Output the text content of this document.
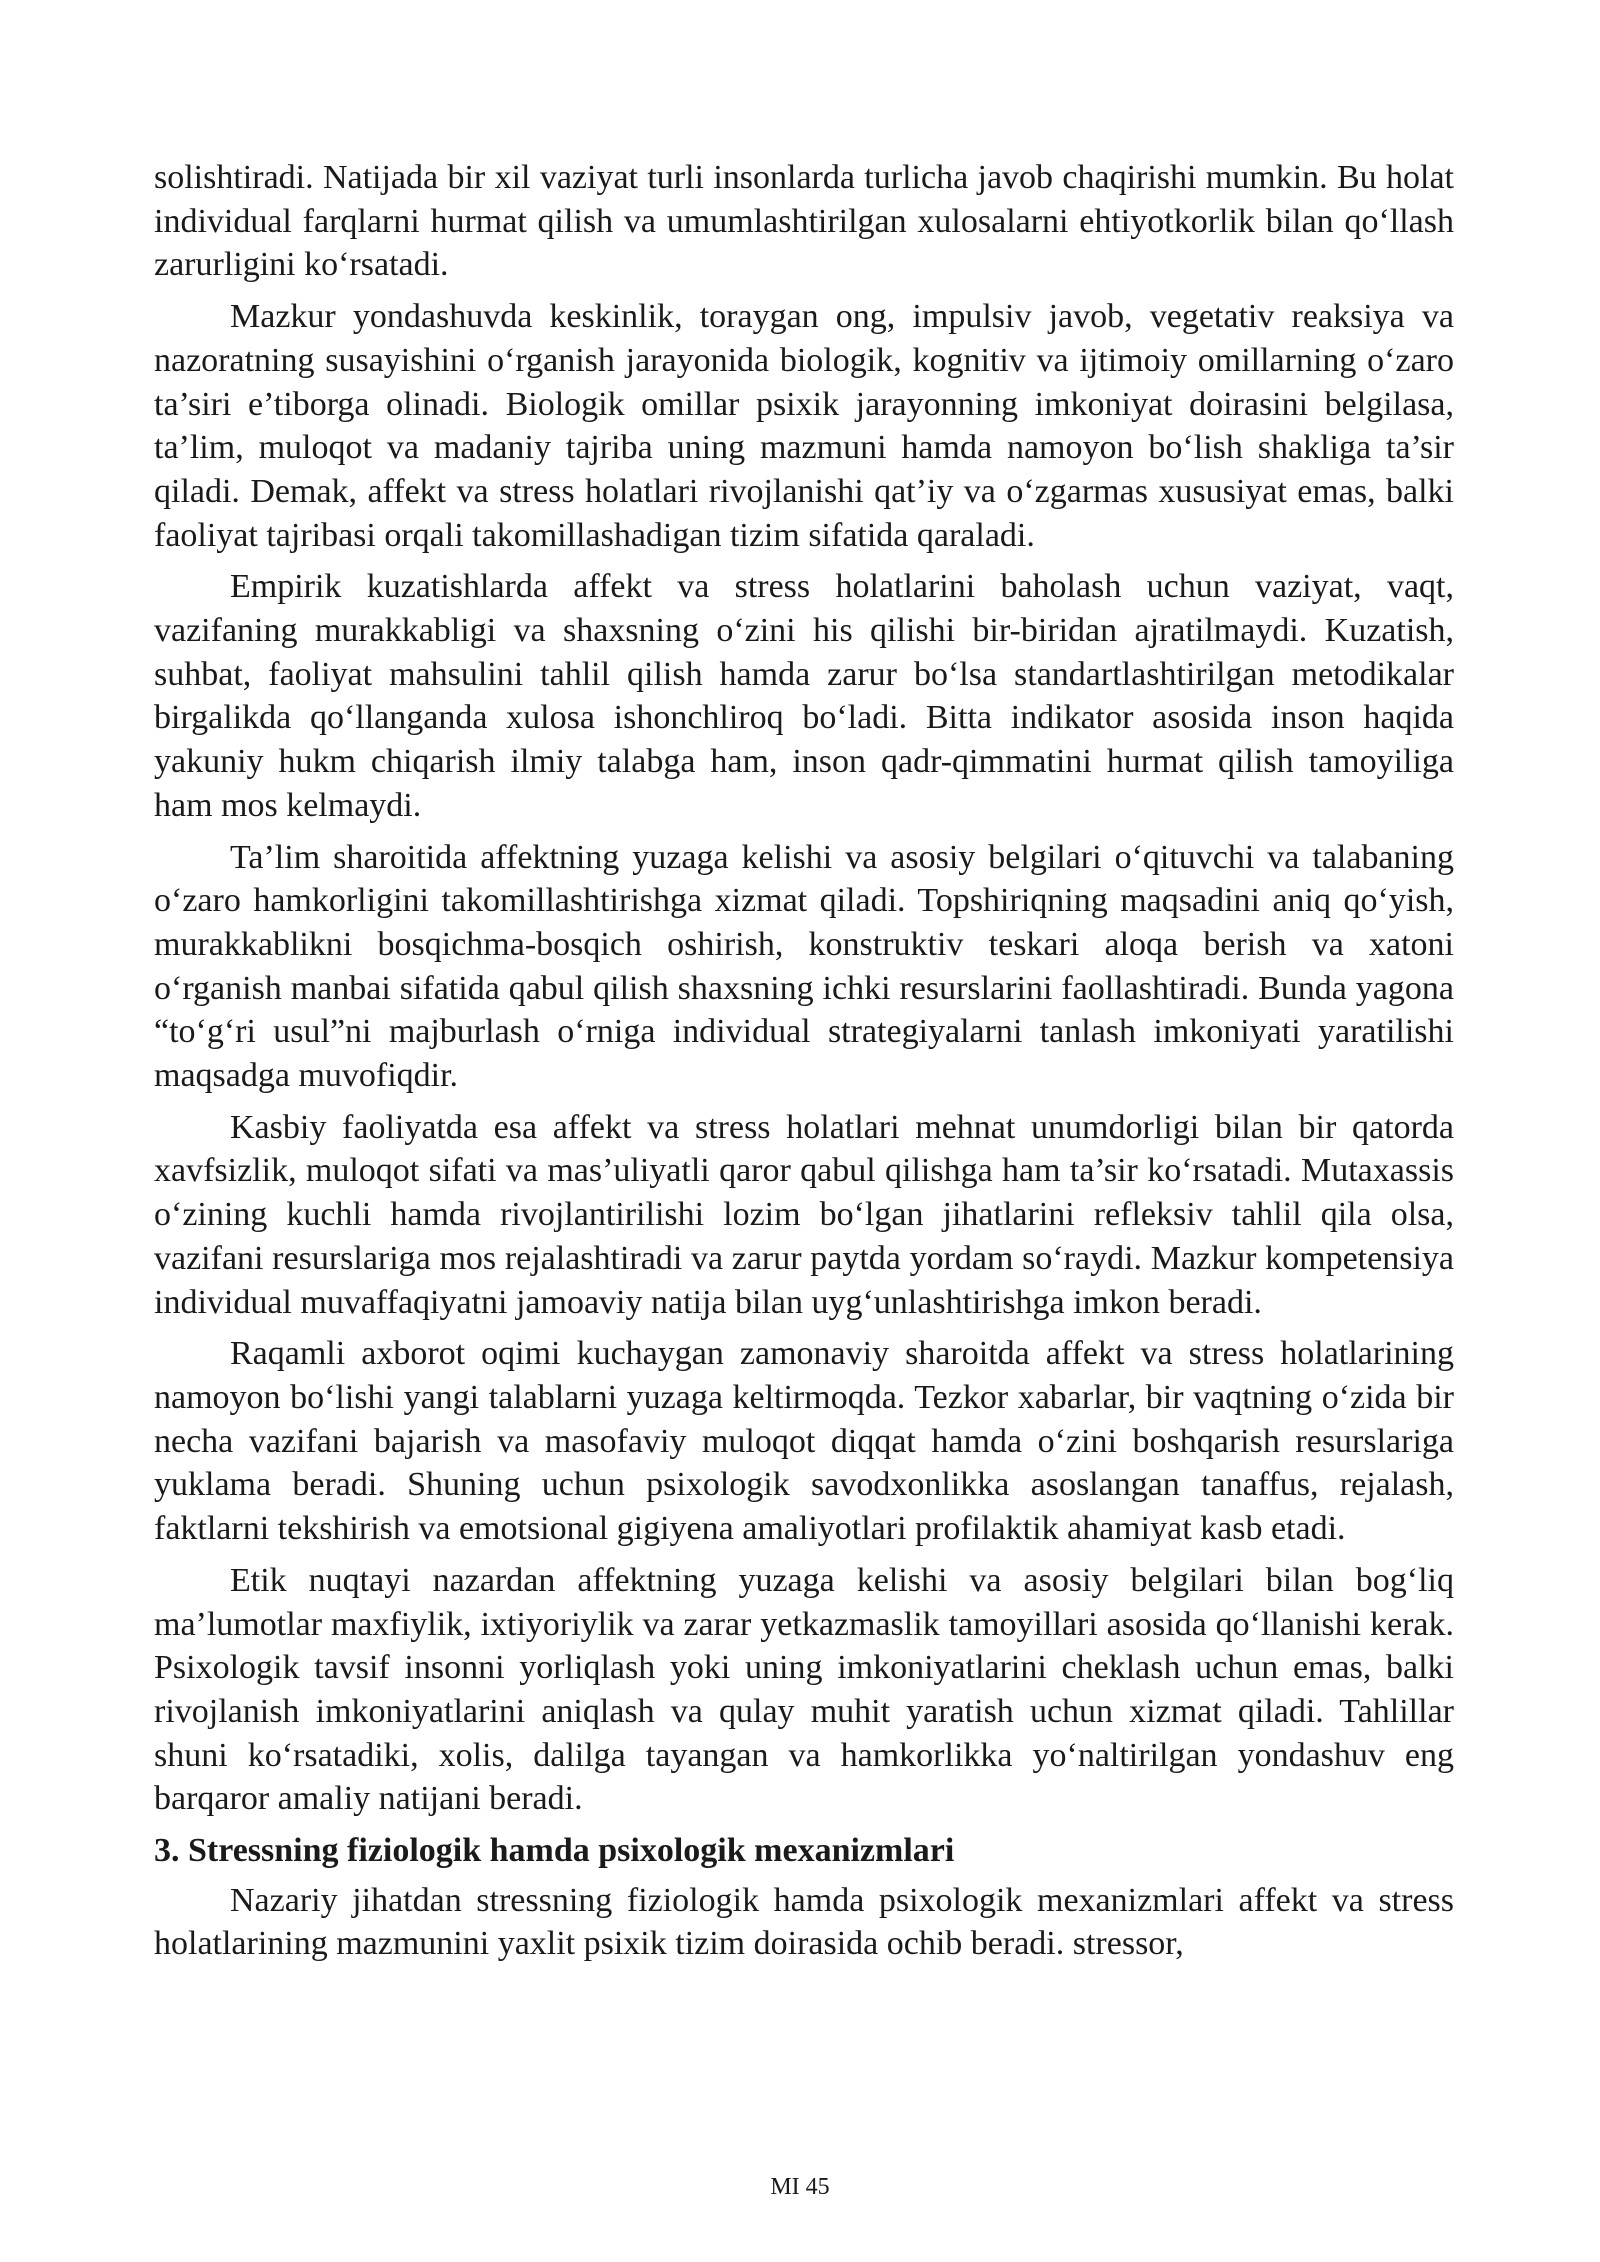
solishtiradi. Natijada bir xil vaziyat turli insonlarda turlicha javob chaqirishi mumkin. Bu holat individual farqlarni hurmat qilish va umumlashtirilgan xulosalarni ehtiyotkorlik bilan qo‘llash zarurligini ko‘rsatadi.

Mazkur yondashuvda keskinlik, toraygan ong, impulsiv javob, vegetativ reaksiya va nazoratning susayishini o‘rganish jarayonida biologik, kognitiv va ijtimoiy omillarning o‘zaro ta’siri e’tiborga olinadi. Biologik omillar psixik jarayonning imkoniyat doirasini belgilasa, ta’lim, muloqot va madaniy tajriba uning mazmuni hamda namoyon bo‘lish shakliga ta’sir qiladi. Demak, affekt va stress holatlari rivojlanishi qat’iy va o‘zgarmas xususiyat emas, balki faoliyat tajribasi orqali takomillashadigan tizim sifatida qaraladi.

Empirik kuzatishlarda affekt va stress holatlarini baholash uchun vaziyat, vaqt, vazifaning murakkabligi va shaxsning o‘zini his qilishi bir-biridan ajratilmaydi. Kuzatish, suhbat, faoliyat mahsulini tahlil qilish hamda zarur bo‘lsa standartlashtirilgan metodikalar birgalikda qo‘llanganda xulosa ishonchliroq bo‘ladi. Bitta indikator asosida inson haqida yakuniy hukm chiqarish ilmiy talabga ham, inson qadr-qimmatini hurmat qilish tamoyiliga ham mos kelmaydi.

Ta’lim sharoitida affektning yuzaga kelishi va asosiy belgilari o‘qituvchi va talabaning o‘zaro hamkorligini takomillashtirishga xizmat qiladi. Topshiriqning maqsadini aniq qo‘yish, murakkablikni bosqichma-bosqich oshirish, konstruktiv teskari aloqa berish va xatoni o‘rganish manbai sifatida qabul qilish shaxsning ichki resurslarini faollashtiradi. Bunda yagona “to‘g‘ri usul”ni majburlash o‘rniga individual strategiyalarni tanlash imkoniyati yaratilishi maqsadga muvofiqdir.

Kasbiy faoliyatda esa affekt va stress holatlari mehnat unumdorligi bilan bir qatorda xavfsizlik, muloqot sifati va mas’uliyatli qaror qabul qilishga ham ta’sir ko‘rsatadi. Mutaxassis o‘zining kuchli hamda rivojlantirilishi lozim bo‘lgan jihatlarini refleksiv tahlil qila olsa, vazifani resurslariga mos rejalashtiradi va zarur paytda yordam so‘raydi. Mazkur kompetensiya individual muvaffaqiyatni jamoaviy natija bilan uyg‘unlashtirishga imkon beradi.

Raqamli axborot oqimi kuchaygan zamonaviy sharoitda affekt va stress holatlarining namoyon bo‘lishi yangi talablarni yuzaga keltirmoqda. Tezkor xabarlar, bir vaqtning o‘zida bir necha vazifani bajarish va masofaviy muloqot diqqat hamda o‘zini boshqarish resurslariga yuklama beradi. Shuning uchun psixologik savodxonlikka asoslangan tanaffus, rejalash, faktlarni tekshirish va emotsional gigiyena amaliyotlari profilaktik ahamiyat kasb etadi.

Etik nuqtayi nazardan affektning yuzaga kelishi va asosiy belgilari bilan bog‘liq ma’lumotlar maxfiylik, ixtiyoriylik va zarar yetkazmaslik tamoyillari asosida qo‘llanishi kerak. Psixologik tavsif insonni yorliqlash yoki uning imkoniyatlarini cheklash uchun emas, balki rivojlanish imkoniyatlarini aniqlash va qulay muhit yaratish uchun xizmat qiladi. Tahlillar shuni ko‘rsatadiki, xolis, dalilga tayangan va hamkorlikka yo‘naltirilgan yondashuv eng barqaror amaliy natijani beradi.

3. Stressning fiziologik hamda psixologik mexanizmlari

Nazariy jihatdan stressning fiziologik hamda psixologik mexanizmlari affekt va stress holatlarining mazmunini yaxlit psixik tizim doirasida ochib beradi. stressor,

MI 45
